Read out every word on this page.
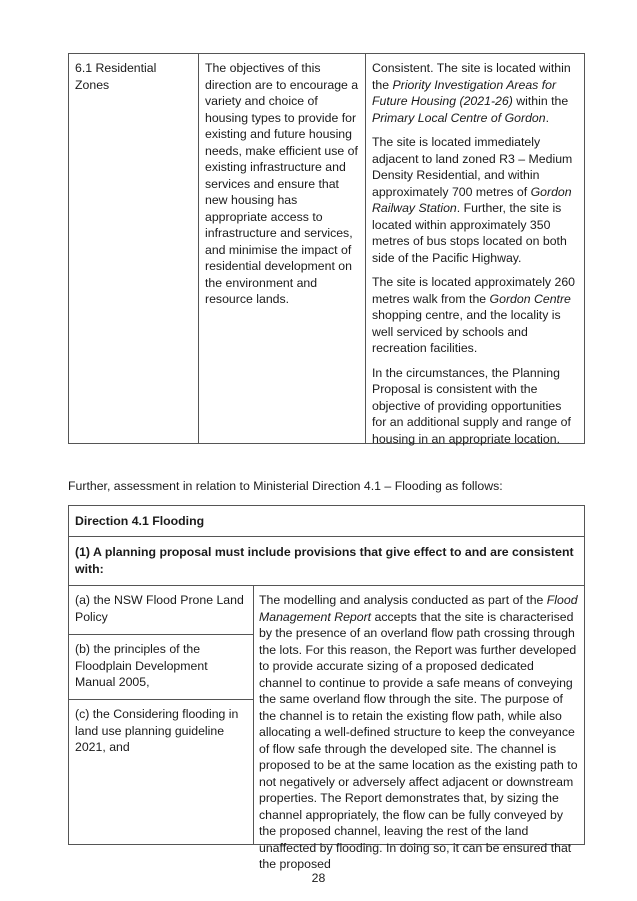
6.1 Residential Zones

The objectives of this direction are to encourage a variety and choice of housing types to provide for existing and future housing needs, make efficient use of existing infrastructure and services and ensure that new housing has appropriate access to infrastructure and services, and minimise the impact of residential development on the environment and resource lands.

Consistent. The site is located within the Priority Investigation Areas for Future Housing (2021-26) within the Primary Local Centre of Gordon.

The site is located immediately adjacent to land zoned R3 – Medium Density Residential, and within approximately 700 metres of Gordon Railway Station. Further, the site is located within approximately 350 metres of bus stops located on both side of the Pacific Highway.

The site is located approximately 260 metres walk from the Gordon Centre shopping centre, and the locality is well serviced by schools and recreation facilities.

In the circumstances, the Planning Proposal is consistent with the objective of providing opportunities for an additional supply and range of housing in an appropriate location.

Further, assessment in relation to Ministerial Direction 4.1 – Flooding as follows:

Direction 4.1 Flooding
(1) A planning proposal must include provisions that give effect to and are consistent with:
(a) the NSW Flood Prone Land Policy
(b) the principles of the Floodplain Development Manual 2005,
(c) the Considering flooding in land use planning guideline 2021, and

The modelling and analysis conducted as part of the Flood Management Report accepts that the site is characterised by the presence of an overland flow path crossing through the lots. For this reason, the Report was further developed to provide accurate sizing of a proposed dedicated channel to continue to provide a safe means of conveying the same overland flow through the site. The purpose of the channel is to retain the existing flow path, while also allocating a well-defined structure to keep the conveyance of flow safe through the developed site. The channel is proposed to be at the same location as the existing path to not negatively or adversely affect adjacent or downstream properties. The Report demonstrates that, by sizing the channel appropriately, the flow can be fully conveyed by the proposed channel, leaving the rest of the land unaffected by flooding. In doing so, it can be ensured that the proposed

28
